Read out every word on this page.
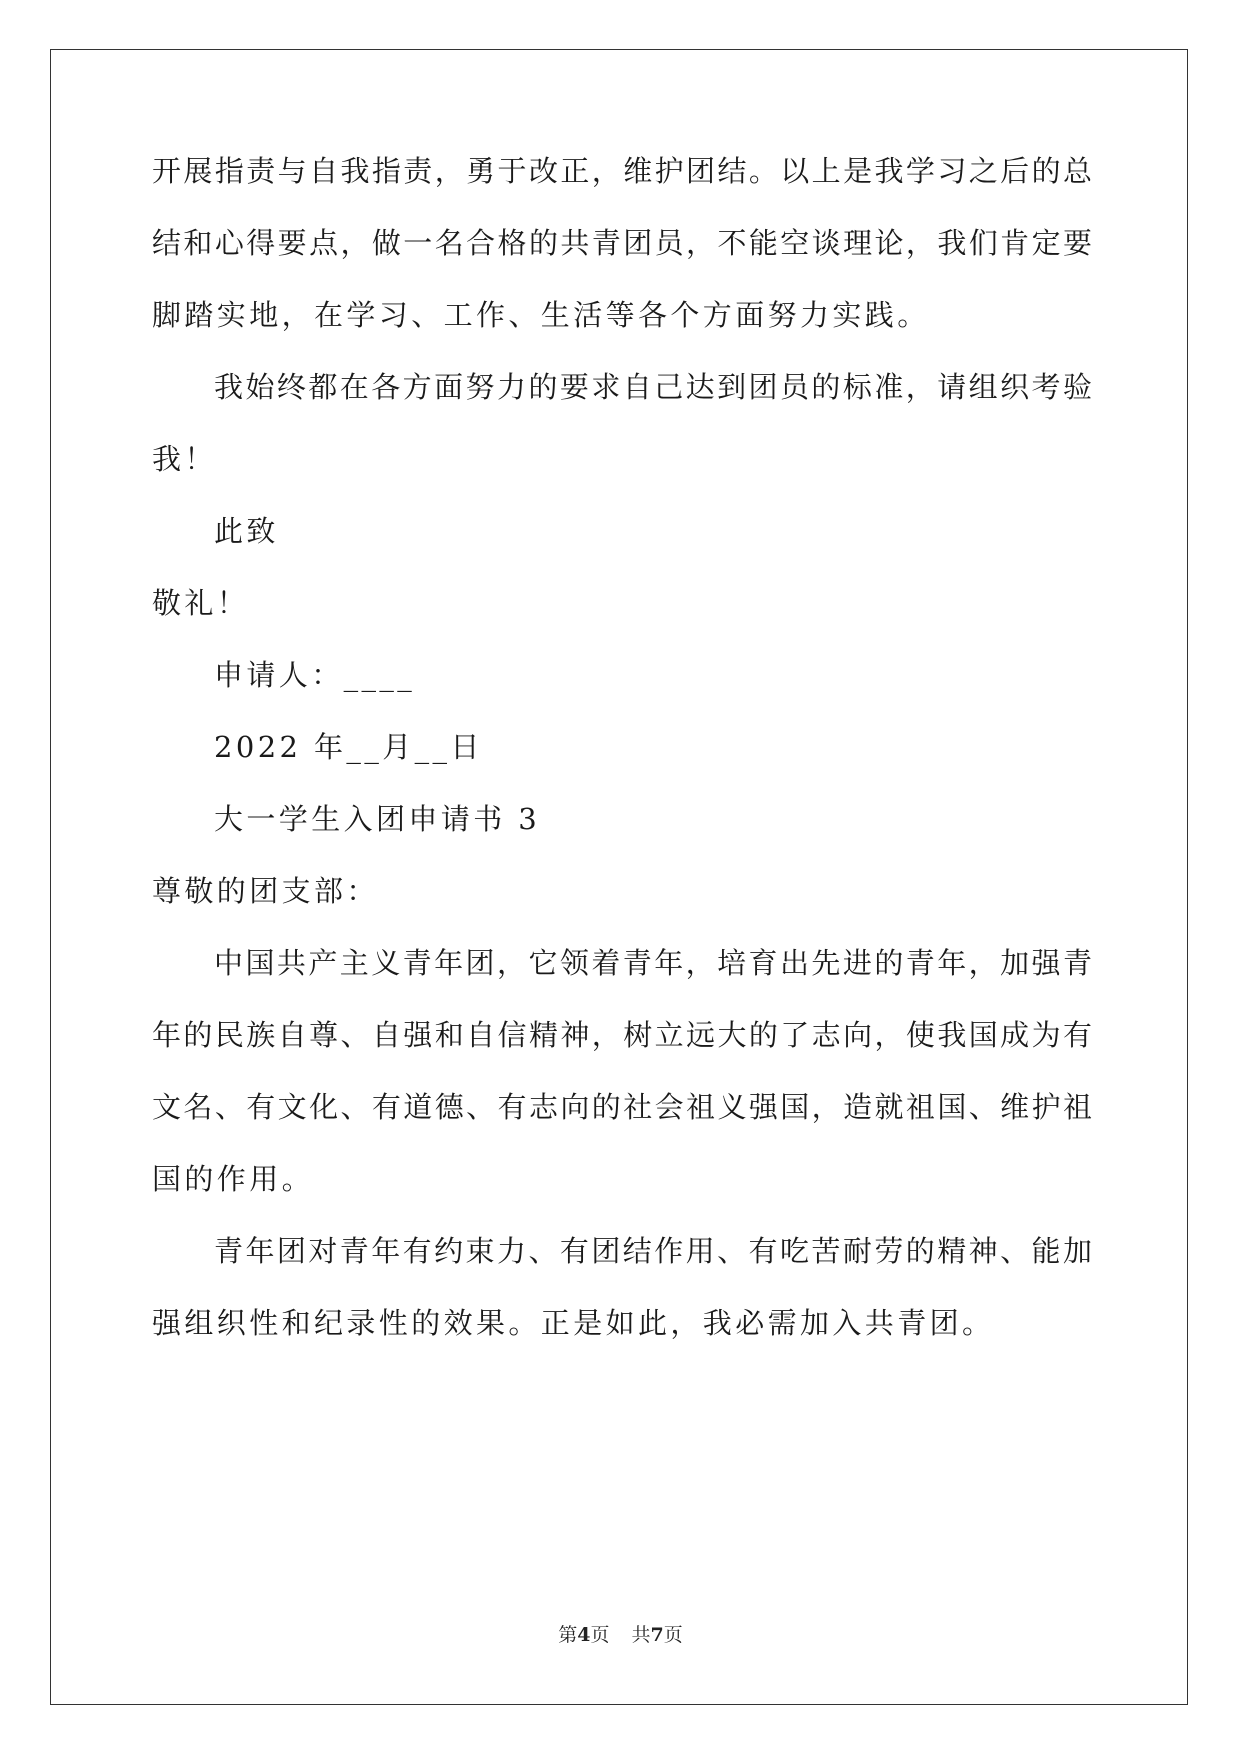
开展指责与自我指责，勇于改正，维护团结。以上是我学习之后的总
结和心得要点，做一名合格的共青团员，不能空谈理论，我们肯定要
脚踏实地，在学习、工作、生活等各个方面努力实践。
我始终都在各方面努力的要求自己达到团员的标准，请组织考验
我！
此致
敬礼！
申请人：____
2022 年__月__日
大一学生入团申请书 3
尊敬的团支部：
中国共产主义青年团，它领着青年，培育出先进的青年，加强青
年的民族自尊、自强和自信精神，树立远大的了志向，使我国成为有
文名、有文化、有道德、有志向的社会祖义强国，造就祖国、维护祖
国的作用。
青年团对青年有约束力、有团结作用、有吃苦耐劳的精神、能加
强组织性和纪录性的效果。正是如此，我必需加入共青团。
第4页 共7页
